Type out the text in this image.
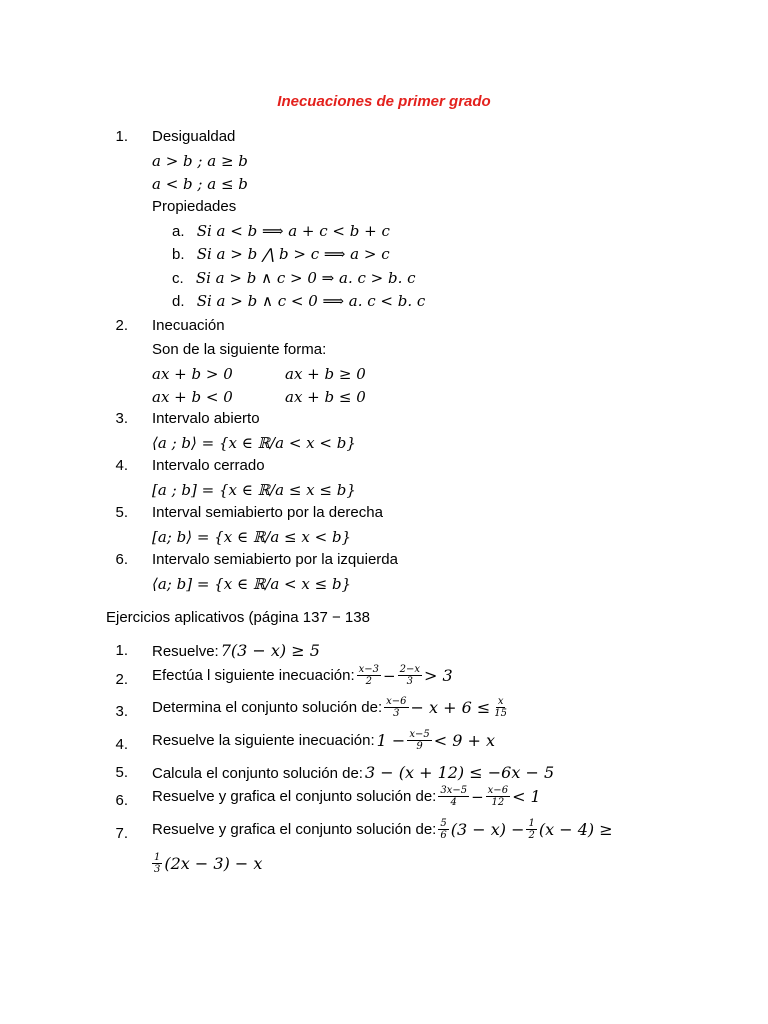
Inecuaciones de primer grado
1. Desigualdad
a > b ; a ≥ b
a < b ; a ≤ b
Propiedades
a. Si a < b ⟹ a + c < b + c
b. Si a > b ⋀ b > c ⟹ a > c
c. Si a > b ∧ c > 0 ⇒ a. c > b. c
d. Si a > b ∧ c < 0 ⟹ a. c < b. c
2. Inecuación
Son de la siguiente forma:
ax + b > 0	ax + b ≥ 0
ax + b < 0	ax + b ≤ 0
3. Intervalo abierto
⟨a ; b⟩ = {x ∈ ℝ/a < x < b}
4. Intervalo cerrado
[a ; b] = {x ∈ ℝ/a ≤ x ≤ b}
5. Interval semiabierto por la derecha
[a; b⟩ = {x ∈ ℝ/a ≤ x < b}
6. Intervalo semiabierto por la izquierda
⟨a; b] = {x ∈ ℝ/a < x ≤ b}
Ejercicios aplicativos (página 137 − 138
1. Resuelve: 7(3 − x) ≥ 5
2. Efectúa l siguiente inecuación: $\frac{x-3}{2} - \frac{2-x}{3} > 3$
3. Determina el conjunto solución de: $\frac{x-6}{3} - x + 6 \le \frac{x}{15}$
4. Resuelve la siguiente inecuación: $1 - \frac{x-5}{9} < 9 + x$
5. Calcula el conjunto solución de: 3 − (x + 12) ≤ −6x − 5
6. Resuelve y grafica el conjunto solución de: $\frac{3x-5}{4} - \frac{x-6}{12} < 1$
7. Resuelve y grafica el conjunto solución de: $\frac{5}{6} (3 - x) - \frac{1}{2} (x - 4)$ ≥
$\frac{1}{3} (2x - 3) - x$
